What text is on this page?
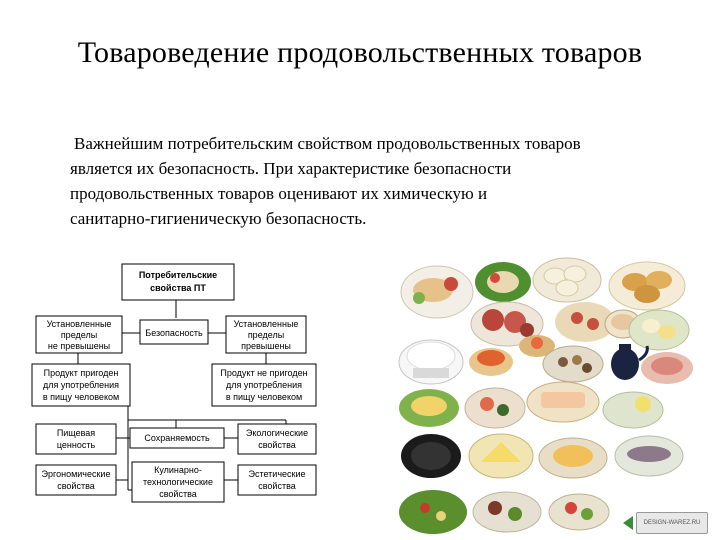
Товароведение продовольственных товаров

Важнейшим потребительским свойством продовольственных товаров

является их безопасность. При характеристике безопасности

продовольственных товаров оценивают их химическую и

санитарно-гигиеническую безопасность.

Потребительские
свойства ПТ
Установленные
пределы
не превышены
Безопасность
Установленные
пределы
превышены
Продукт пригоден
для употребления
в пищу человеком
Продукт не пригоден
для употребления
в пищу человеком
Пищевая
ценность
Сохраняемость	Экологические
свойства
Эргономические
свойства
Кулинарно-
технологические
свойства
Эстетические
свойства
DESIGN-WAREZ.RU
